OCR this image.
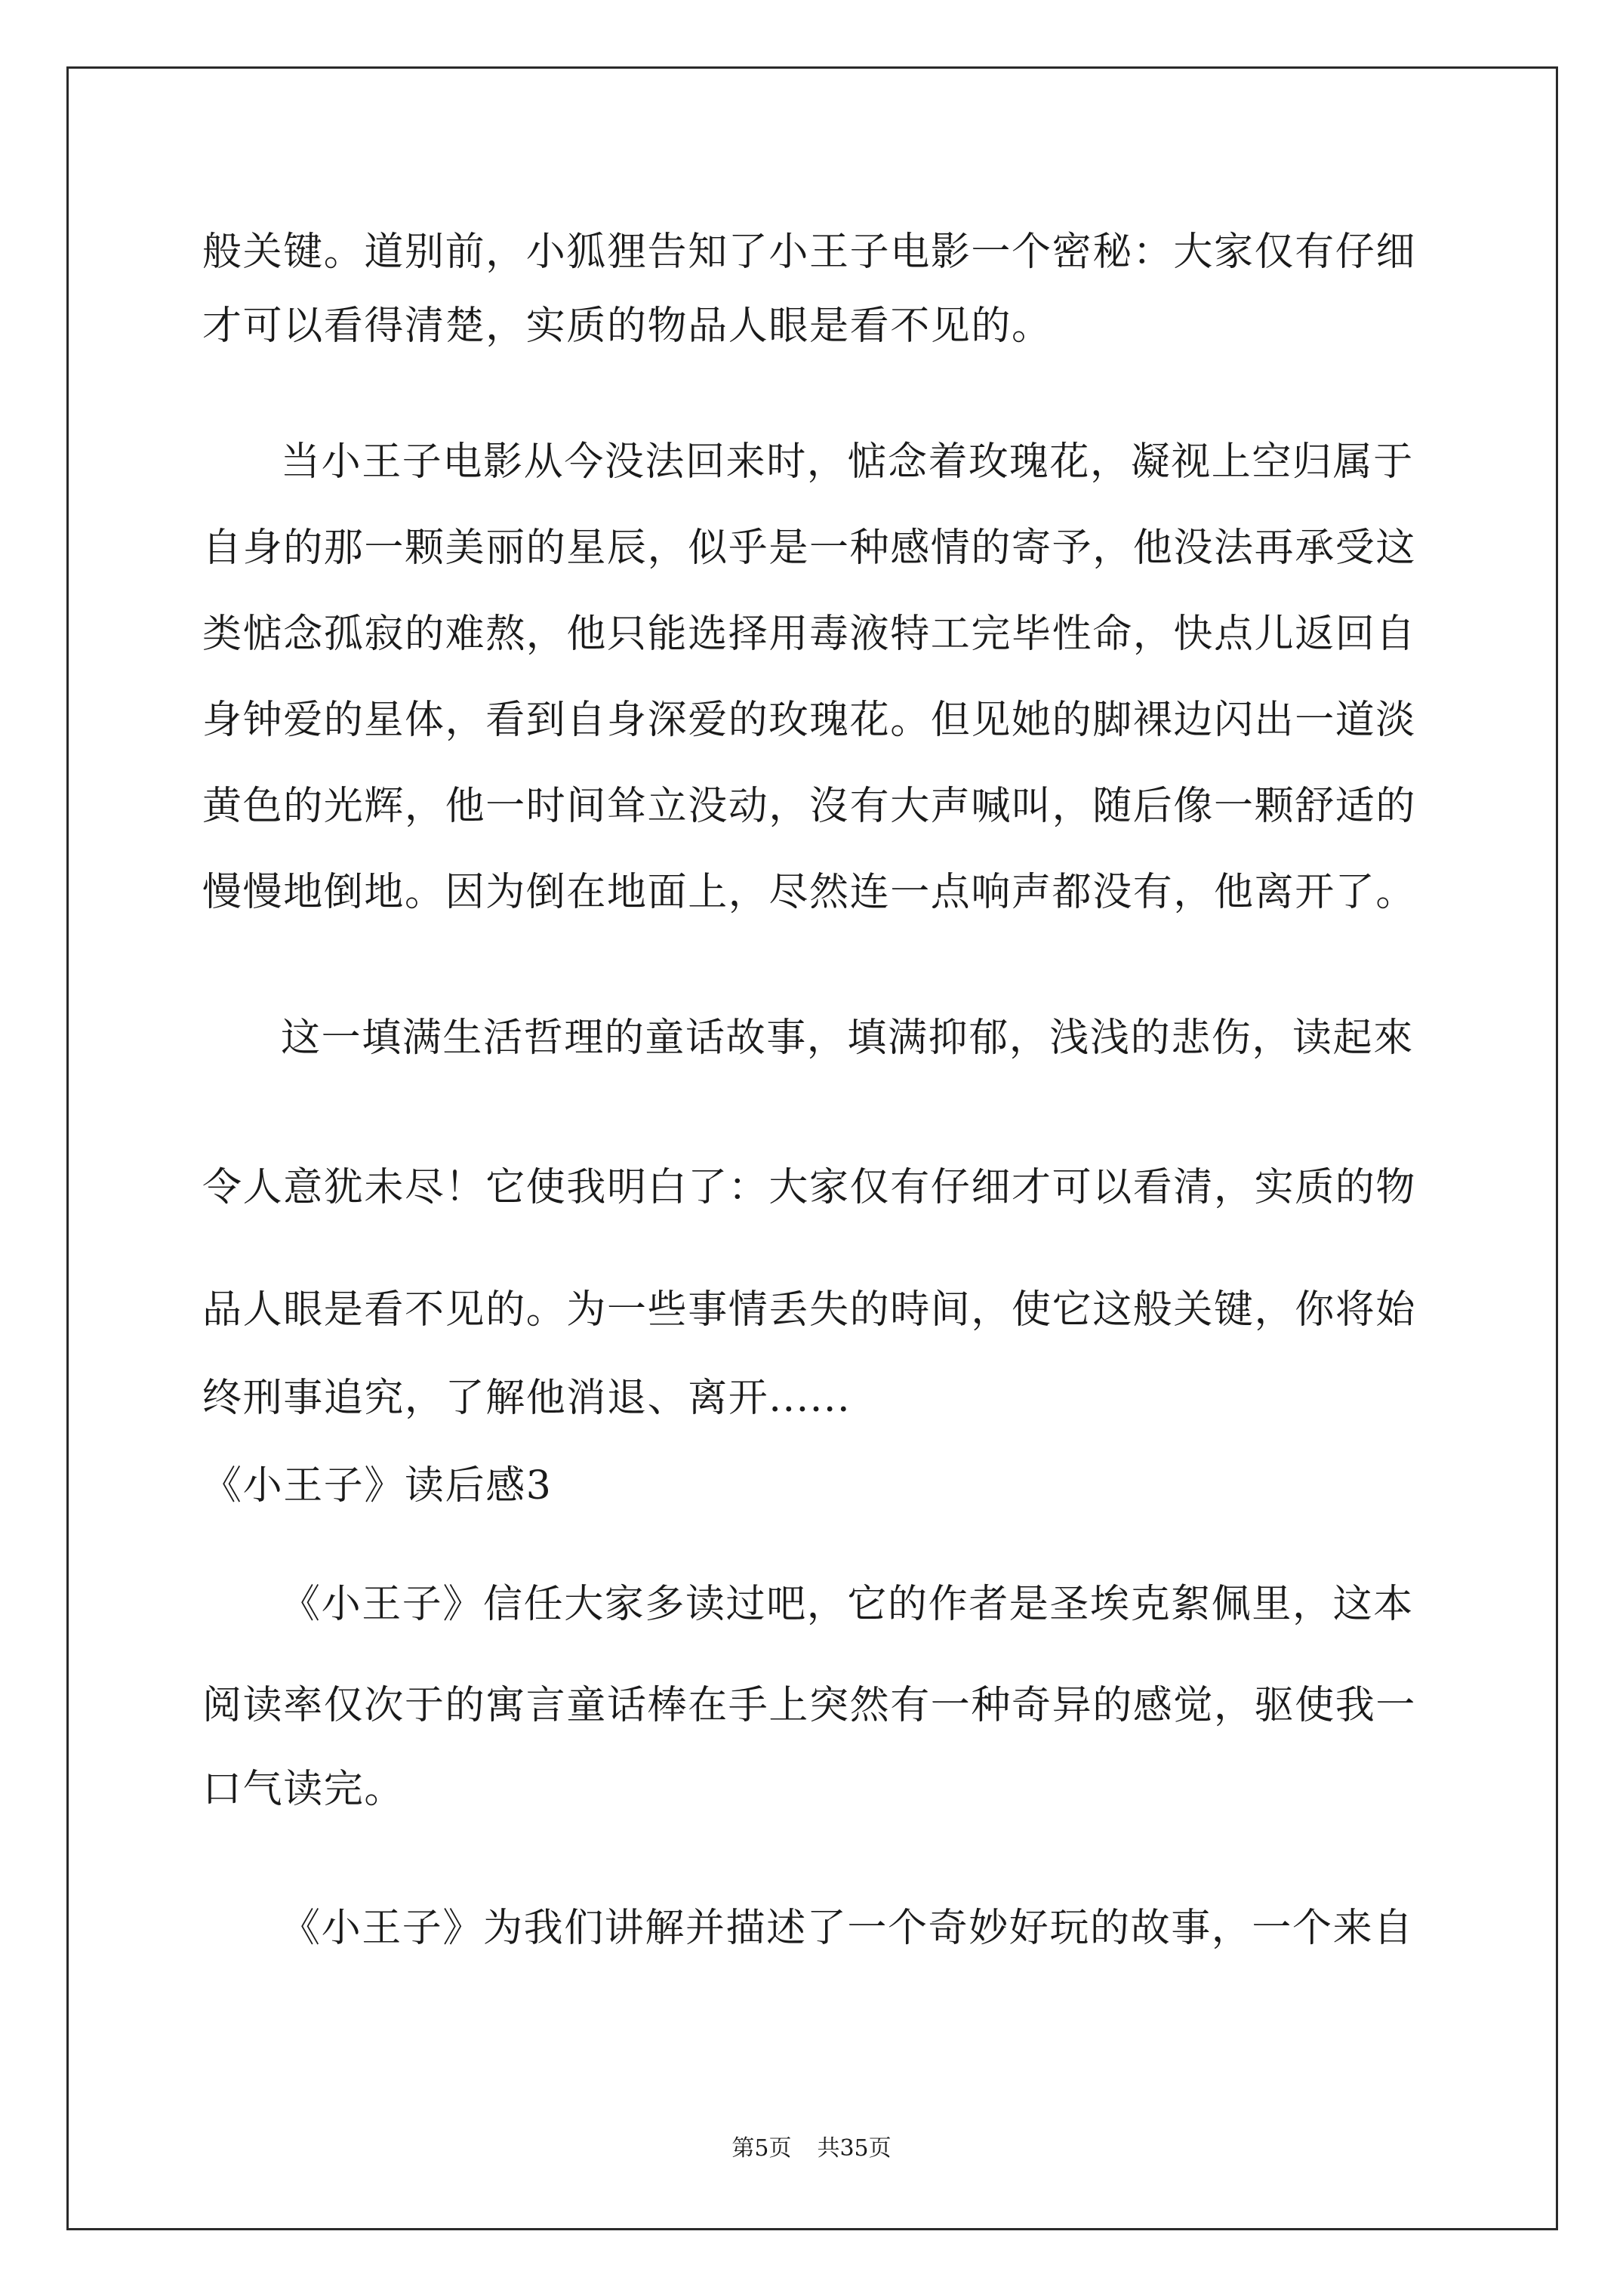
般关键。道别前，小狐狸告知了小王子电影一个密秘：大家仅有仔细
才可以看得清楚，实质的物品人眼是看不见的。
当小王子电影从今没法回来时，惦念着玫瑰花，凝视上空归属于
自身的那一颗美丽的星辰，似乎是一种感情的寄予，他没法再承受这
类惦念孤寂的难熬，他只能选择用毒液特工完毕性命，快点儿返回自
身钟爱的星体，看到自身深爱的玫瑰花。但见她的脚裸边闪出一道淡
黄色的光辉，他一时间耸立没动，沒有大声喊叫，随后像一颗舒适的
慢慢地倒地。因为倒在地面上，尽然连一点响声都没有，他离开了。
这一填满生活哲理的童话故事，填满抑郁，浅浅的悲伤，读起來
令人意犹未尽！它使我明白了：大家仅有仔细才可以看清，实质的物
品人眼是看不见的。为一些事情丢失的時间，使它这般关键，你将始
终刑事追究，了解他消退、离开......
《小王子》读后感3
《小王子》信任大家多读过吧，它的作者是圣埃克絮佩里，这本
阅读率仅次于的寓言童话棒在手上突然有一种奇异的感觉，驱使我一
口气读完。
《小王子》为我们讲解并描述了一个奇妙好玩的故事，一个来自
第5页 共35页
